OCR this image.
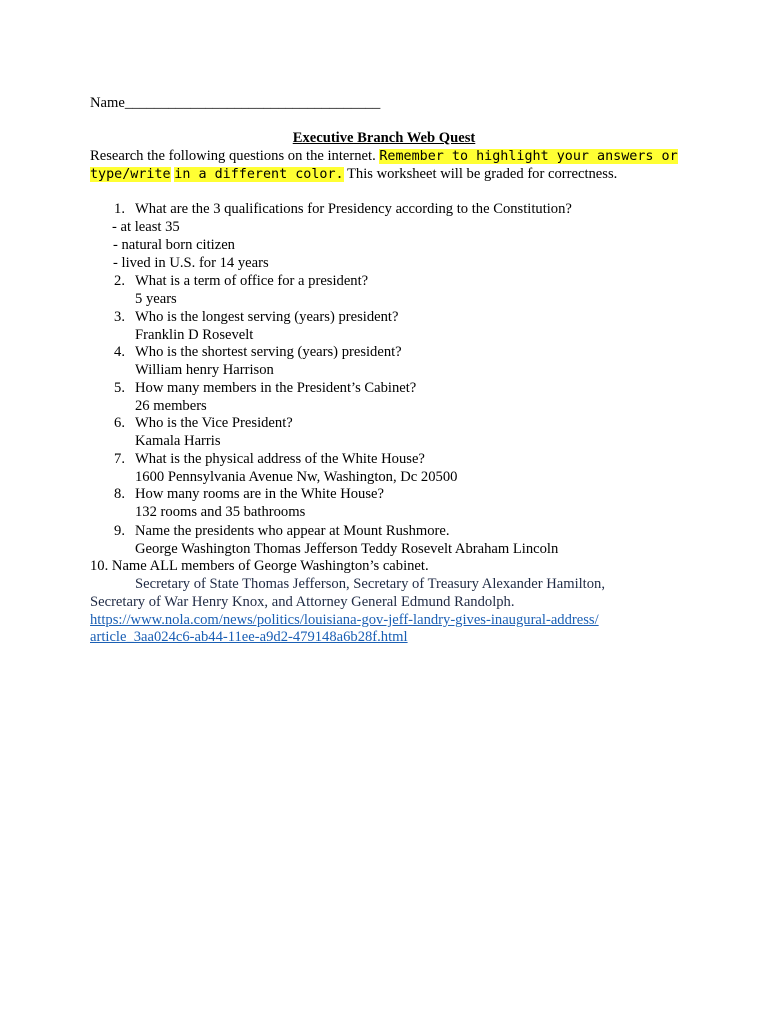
Name___________________________________
Executive Branch Web Quest
Research the following questions on the internet. Remember to highlight your answers or
type/write in a different color. This worksheet will be graded for correctness.
1. What are the 3 qualifications for Presidency according to the Constitution?
- at least 35
- natural born citizen
- lived in U.S. for 14 years
2. What is a term of office for a president?
5 years
3. Who is the longest serving (years) president?
Franklin D Rosevelt
4. Who is the shortest serving (years) president?
William henry Harrison
5. How many members in the President’s Cabinet?
26 members
6. Who is the Vice President?
Kamala Harris
7. What is the physical address of the White House?
1600 Pennsylvania Avenue Nw, Washington, Dc 20500
8. How many rooms are in the White House?
132 rooms and 35 bathrooms
9. Name the presidents who appear at Mount Rushmore.
George Washington Thomas Jefferson Teddy Rosevelt Abraham Lincoln
10. Name ALL members of George Washington’s cabinet.
Secretary of State Thomas Jefferson, Secretary of Treasury Alexander Hamilton,
Secretary of War Henry Knox, and Attorney General Edmund Randolph.
https://www.nola.com/news/politics/louisiana-gov-jeff-landry-gives-inaugural-address/
article_3aa024c6-ab44-11ee-a9d2-479148a6b28f.html
